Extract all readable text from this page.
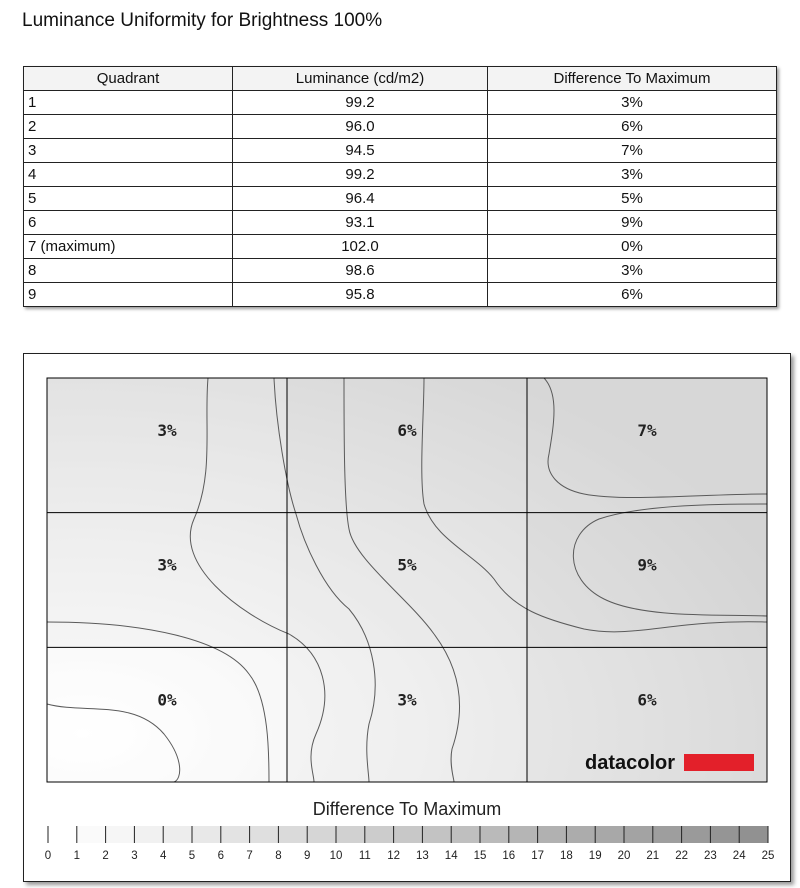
Luminance Uniformity for Brightness 100%
Quadrant	Luminance (cd/m2)	Difference To Maximum
1	99.2	3%
2	96.0	6%
3	94.5	7%
4	99.2	3%
5	96.4	5%
6	93.1	9%
7 (maximum)	102.0	0%
8	98.6	3%
9	95.8	6%
3%	6%	7%
3%	5%	9%
0%	3%	6%
datacolor
0 1 2 3 4 5 6 7 8 9 10 11 12 13 14 15 16 17 18 19 20 21 22 23 24 25
Difference To Maximum
